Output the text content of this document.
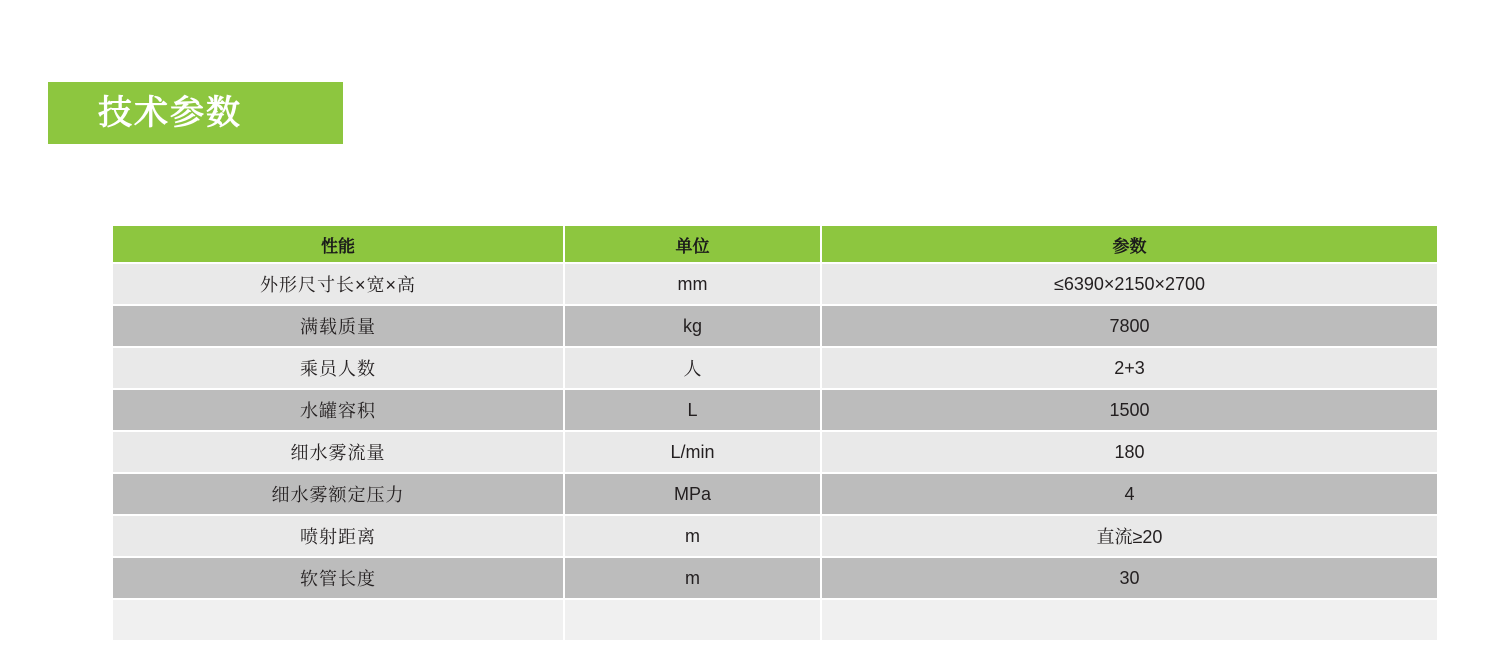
技术参数
性能	单位	参数
外形尺寸长×宽×高	mm	≤6390×2150×2700
满载质量	kg	7800
乘员人数	人	2+3
水罐容积	L	1500
细水雾流量	L/min	180
细水雾额定压力	MPa	4
喷射距离	m	直流≥20
软管长度	m	30
